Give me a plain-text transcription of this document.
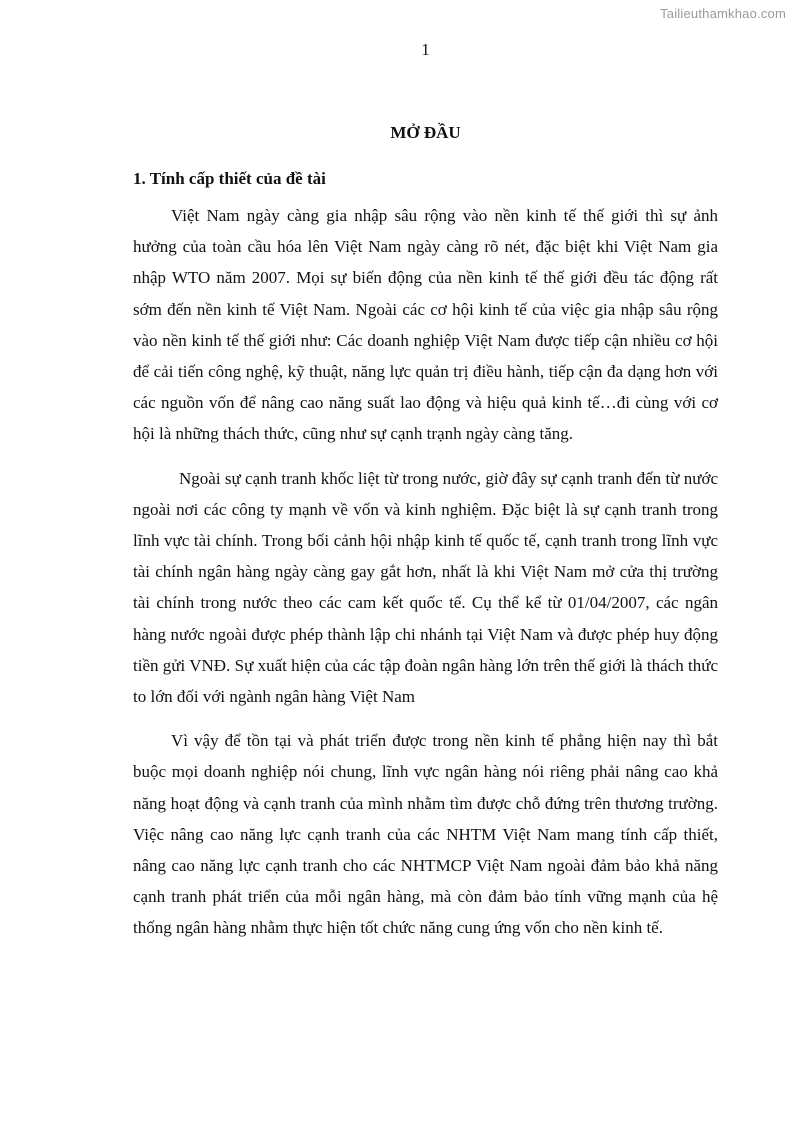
Tailieuthamkhao.com
1
MỞ ĐẦU
1. Tính cấp thiết của đề tài

Việt Nam ngày càng gia nhập sâu rộng vào nền kinh tế thế giới thì sự ảnh hưởng của toàn cầu hóa lên Việt Nam ngày càng rõ nét, đặc biệt khi Việt Nam gia nhập WTO năm 2007. Mọi sự biến động của nền kinh tế thế giới đều tác động rất sớm đến nền kinh tế Việt Nam. Ngoài các cơ hội kinh tế của việc gia nhập sâu rộng vào nền kinh tế thế giới như: Các doanh nghiệp Việt Nam được tiếp cận nhiều cơ hội để cải tiến công nghệ, kỹ thuật, năng lực quản trị điều hành, tiếp cận đa dạng hơn với các nguồn vốn để nâng cao năng suất lao động và hiệu quả kinh tế…đi cùng với cơ hội là những thách thức, cũng như sự cạnh trạnh ngày càng tăng.

Ngoài sự cạnh tranh khốc liệt từ trong nước, giờ đây sự cạnh tranh đến từ nước ngoài nơi các công ty mạnh về vốn và kinh nghiệm. Đặc biệt là sự cạnh tranh trong lĩnh vực tài chính. Trong bối cảnh hội nhập kinh tế quốc tế, cạnh tranh trong lĩnh vực tài chính ngân hàng ngày càng gay gắt hơn, nhất là khi Việt Nam mở cửa thị trường tài chính trong nước theo các cam kết quốc tế. Cụ thể kể từ 01/04/2007, các ngân hàng nước ngoài được phép thành lập chi nhánh tại Việt Nam và được phép huy động tiền gửi VNĐ. Sự xuất hiện của các tập đoàn ngân hàng lớn trên thế giới là thách thức to lớn đối với ngành ngân hàng Việt Nam

Vì vậy để tồn tại và phát triển được trong nền kinh tế phẳng hiện nay thì bắt buộc mọi doanh nghiệp nói chung, lĩnh vực ngân hàng nói riêng phải nâng cao khả năng hoạt động và cạnh tranh của mình nhằm tìm được chỗ đứng trên thương trường. Việc nâng cao năng lực cạnh tranh của các NHTM Việt Nam mang tính cấp thiết, nâng cao năng lực cạnh tranh cho các NHTMCP Việt Nam ngoài đảm bảo khả năng cạnh tranh phát triển của mỗi ngân hàng, mà còn đảm bảo tính vững mạnh của hệ thống ngân hàng nhằm thực hiện tốt chức năng cung ứng vốn cho nền kinh tế.
